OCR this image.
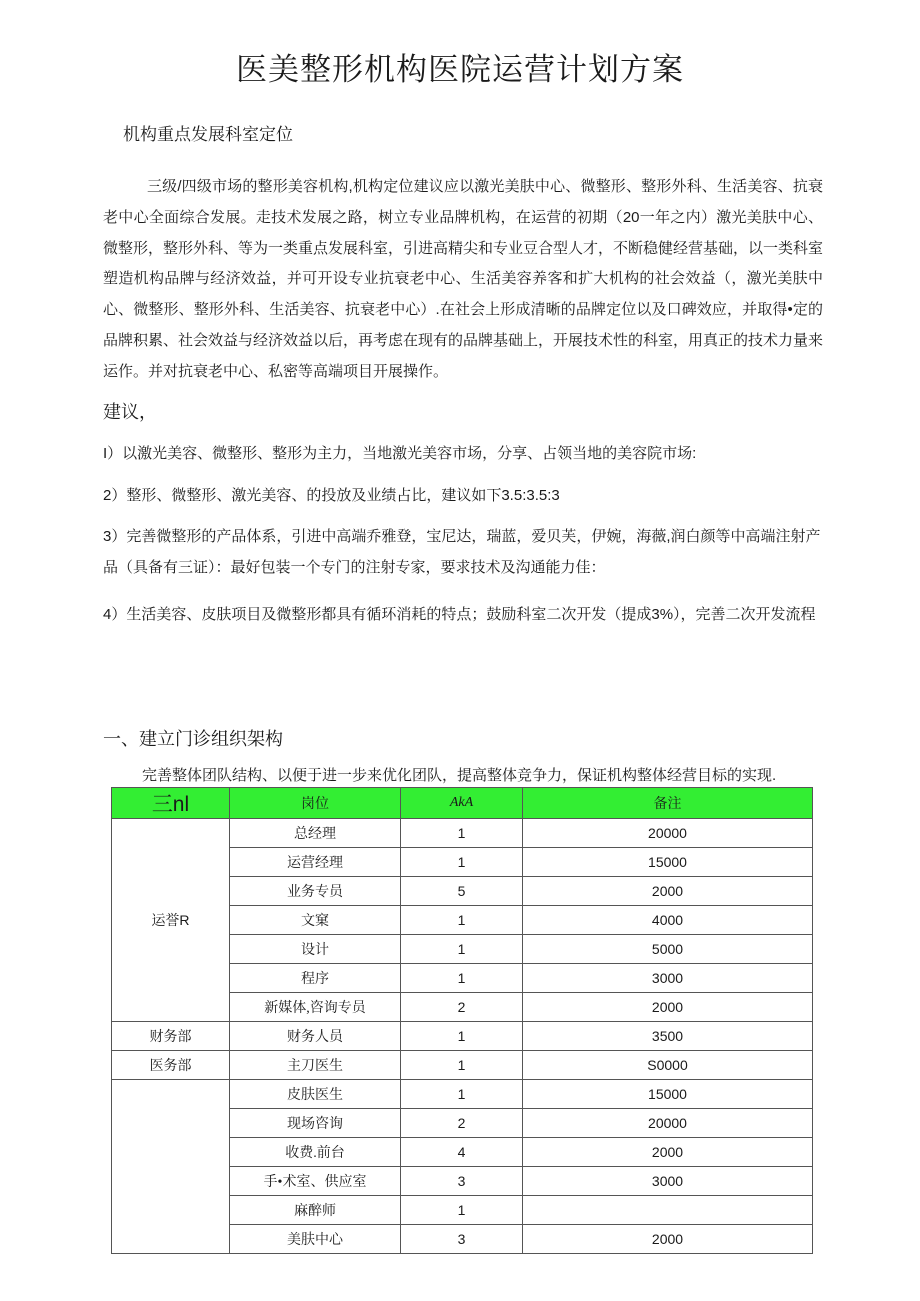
医美整形机构医院运营计划方案
机构重点发展科室定位

三级/四级市场的整形美容机构,机构定位建议应以激光美肤中心、微整形、整形外科、生活美容、抗衰老中心全面综合发展。走技术发展之路，树立专业品牌机构，在运营的初期（20一年之内）激光美肤中心、微整形，整形外科、等为一类重点发展科室，引进高精尖和专业豆合型人才，不断稳健经营基础，以一类科室塑造机构品牌与经济效益，并可开设专业抗衰老中心、生活美容养客和扩大机构的社会效益（，激光美肤中心、微整形、整形外科、生活美容、抗衰老中心）.在社会上形成清晰的品牌定位以及口碑效应，并取得•定的品牌积累、社会效益与经济效益以后，再考虑在现有的品牌基础上，开展技术性的科室，用真正的技术力量来运作。并对抗衰老中心、私密等高端项目开展操作。

建议，

I）以激光美容、微整形、整形为主力，当地激光美容市场，分享、占领当地的美容院市场:

2）整形、微整形、激光美容、的投放及业绩占比，建议如下3.5:3.5:3

3）完善微整形的产品体系，引进中高端乔雅登，宝尼达，瑞蓝，爱贝芙，伊婉，海薇,润白颜等中高端注射产品（具备有三证）：最好包装一个专门的注射专家，要求技术及沟通能力佳：

4）生活美容、皮肤项目及微整形都具有循环消耗的特点；鼓励科室二次开发（提成3%），完善二次开发流程

一、建立门诊组织架构

完善整体团队结构、以便于进一步来优化团队，提高整体竞争力，保证机构整体经营目标的实现.

三nl	岗位	AkA	备注
运誉R	总经理	1	20000
	运营经理	1	15000
	业务专员	5	2000
	文窠	1	4000
	设计	1	5000
	程序	1	3000
	新媒体,咨询专员	2	2000
财务部	财务人员	1	3500
医务部	主刀医生	1	S0000
	皮肤医生	1	15000
	现场咨询	2	20000
	收费.前台	4	2000
	手•术室、供应室	3	3000
	麻醉师	1	
	美肤中心	3	2000
